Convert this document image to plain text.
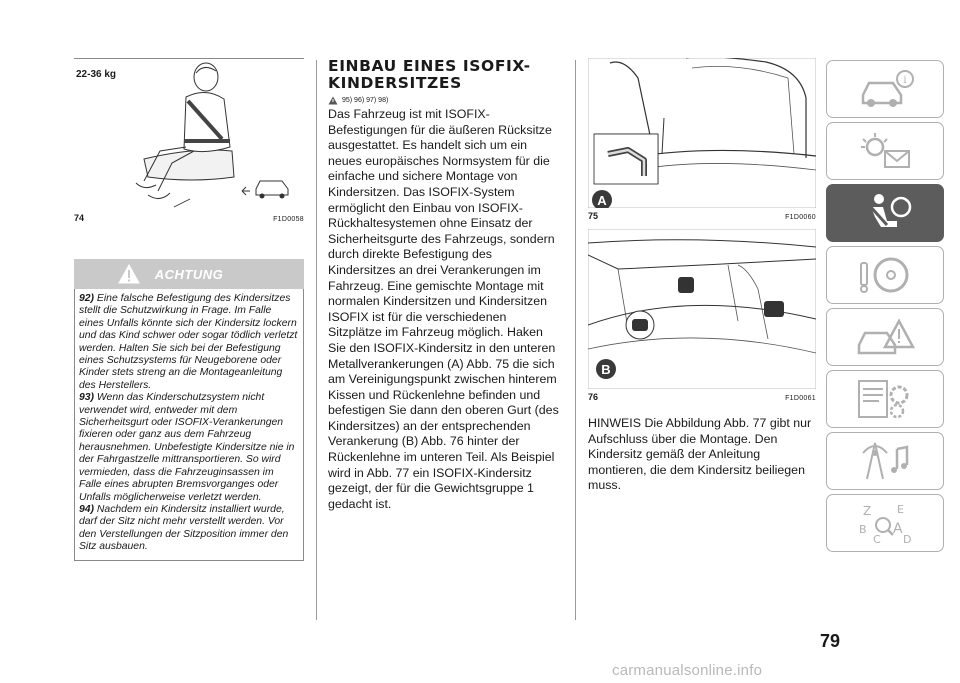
22-36 kg
74	F1D0058
ACHTUNG

92) Eine falsche Befestigung des Kindersitzes stellt die Schutzwirkung in Frage. Im Falle eines Unfalls könnte sich der Kindersitz lockern und das Kind schwer oder sogar tödlich verletzt werden. Halten Sie sich bei der Befestigung eines Schutzsystems für Neugeborene oder Kinder stets streng an die Montageanleitung des Herstellers.

93) Wenn das Kinderschutzsystem nicht verwendet wird, entweder mit dem Sicherheitsgurt oder ISOFIX-Verankerungen fixieren oder ganz aus dem Fahrzeug herausnehmen. Unbefestigte Kindersitze nie in der Fahrgastzelle mittransportieren. So wird vermieden, dass die Fahrzeuginsassen im Falle eines abrupten Bremsvorganges oder Unfalls möglicherweise verletzt werden.

94) Nachdem ein Kindersitz installiert wurde, darf der Sitz nicht mehr verstellt werden. Vor den Verstellungen der Sitzposition immer den Sitz ausbauen.

EINBAU EINES ISOFIX-
KINDERSITZES
95) 96) 97) 98)

Das Fahrzeug ist mit ISOFIX-Befestigungen für die äußeren Rücksitze ausgestattet. Es handelt sich um ein neues europäisches Normsystem für die einfache und sichere Montage von Kindersitzen. Das ISOFIX-System ermöglicht den Einbau von ISOFIX-Rückhaltesystemen ohne Einsatz der Sicherheitsgurte des Fahrzeugs, sondern durch direkte Befestigung des Kindersitzes an drei Verankerungen im Fahrzeug. Eine gemischte Montage mit normalen Kindersitzen und Kindersitzen ISOFIX ist für die verschiedenen Sitzplätze im Fahrzeug möglich. Haken Sie den ISOFIX-Kindersitz in den unteren Metallverankerungen (A) Abb. 75 die sich am Vereinigungspunkt zwischen hinterem Kissen und Rückenlehne befinden und befestigen Sie dann den oberen Gurt (des Kindersitzes) an der entsprechenden Verankerung (B) Abb. 76 hinter der Rückenlehne im unteren Teil. Als Beispiel wird in Abb. 77 ein ISOFIX-Kindersitz gezeigt, der für die Gewichtsgruppe 1 gedacht ist.

A
75	F1D0060
B
76	F1D0061

HINWEIS Die Abbildung Abb. 77 gibt nur Aufschluss über die Montage. Den Kindersitz gemäß der Anleitung montieren, die dem Kindersitz beiliegen muss.

i
Z E
B A
C D
79
carmanualsonline.info
